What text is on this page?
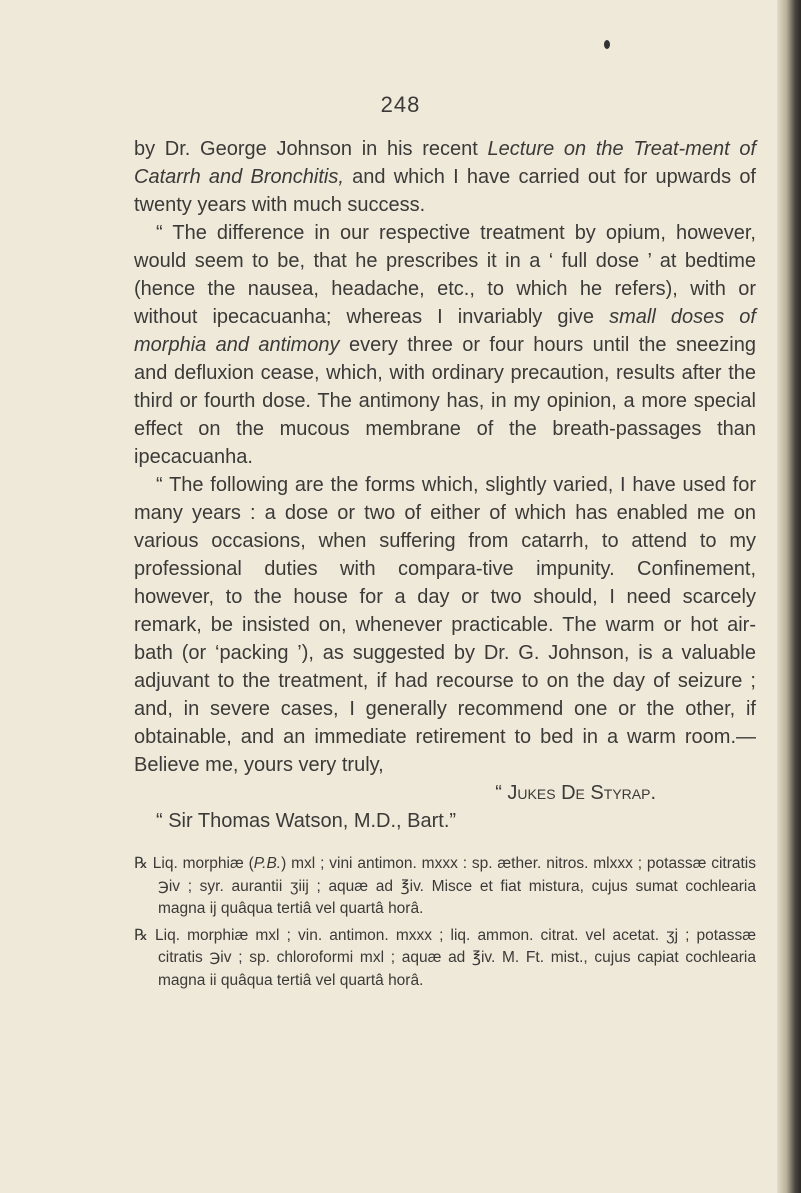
248

by Dr. George Johnson in his recent Lecture on the Treat-ment of Catarrh and Bronchitis, and which I have carried out for upwards of twenty years with much success.

“ The difference in our respective treatment by opium, however, would seem to be, that he prescribes it in a ‘ full dose ’ at bedtime (hence the nausea, headache, etc., to which he refers), with or without ipecacuanha; whereas I invariably give small doses of morphia and antimony every three or four hours until the sneezing and defluxion cease, which, with ordinary precaution, results after the third or fourth dose. The antimony has, in my opinion, a more special effect on the mucous membrane of the breath-passages than ipecacuanha.

“ The following are the forms which, slightly varied, I have used for many years : a dose or two of either of which has enabled me on various occasions, when suffering from catarrh, to attend to my professional duties with compara-tive impunity. Confinement, however, to the house for a day or two should, I need scarcely remark, be insisted on, whenever practicable. The warm or hot air-bath (or ‘packing ’), as suggested by Dr. G. Johnson, is a valuable adjuvant to the treatment, if had recourse to on the day of seizure ; and, in severe cases, I generally recommend one or the other, if obtainable, and an immediate retirement to bed in a warm room.—Believe me, yours very truly,

“ Jukes De Styrap.

“ Sir Thomas Watson, M.D., Bart.”

℞ Liq. morphiæ (P.B.) mxl ; vini antimon. mxxx : sp. æther. nitros. mlxxx ; potassæ citratis ℈iv ; syr. aurantii ʒiij ; aquæ ad ℥iv. Misce et fiat mistura, cujus sumat cochlearia magna ij quâqua tertiâ vel quartâ horâ.

℞ Liq. morphiæ mxl ; vin. antimon. mxxx ; liq. ammon. citrat. vel acetat. ʒj ; potassæ citratis ℈iv ; sp. chloroformi mxl ; aquæ ad ℥iv. M. Ft. mist., cujus capiat cochlearia magna ii quâqua tertiâ vel quartâ horâ.
